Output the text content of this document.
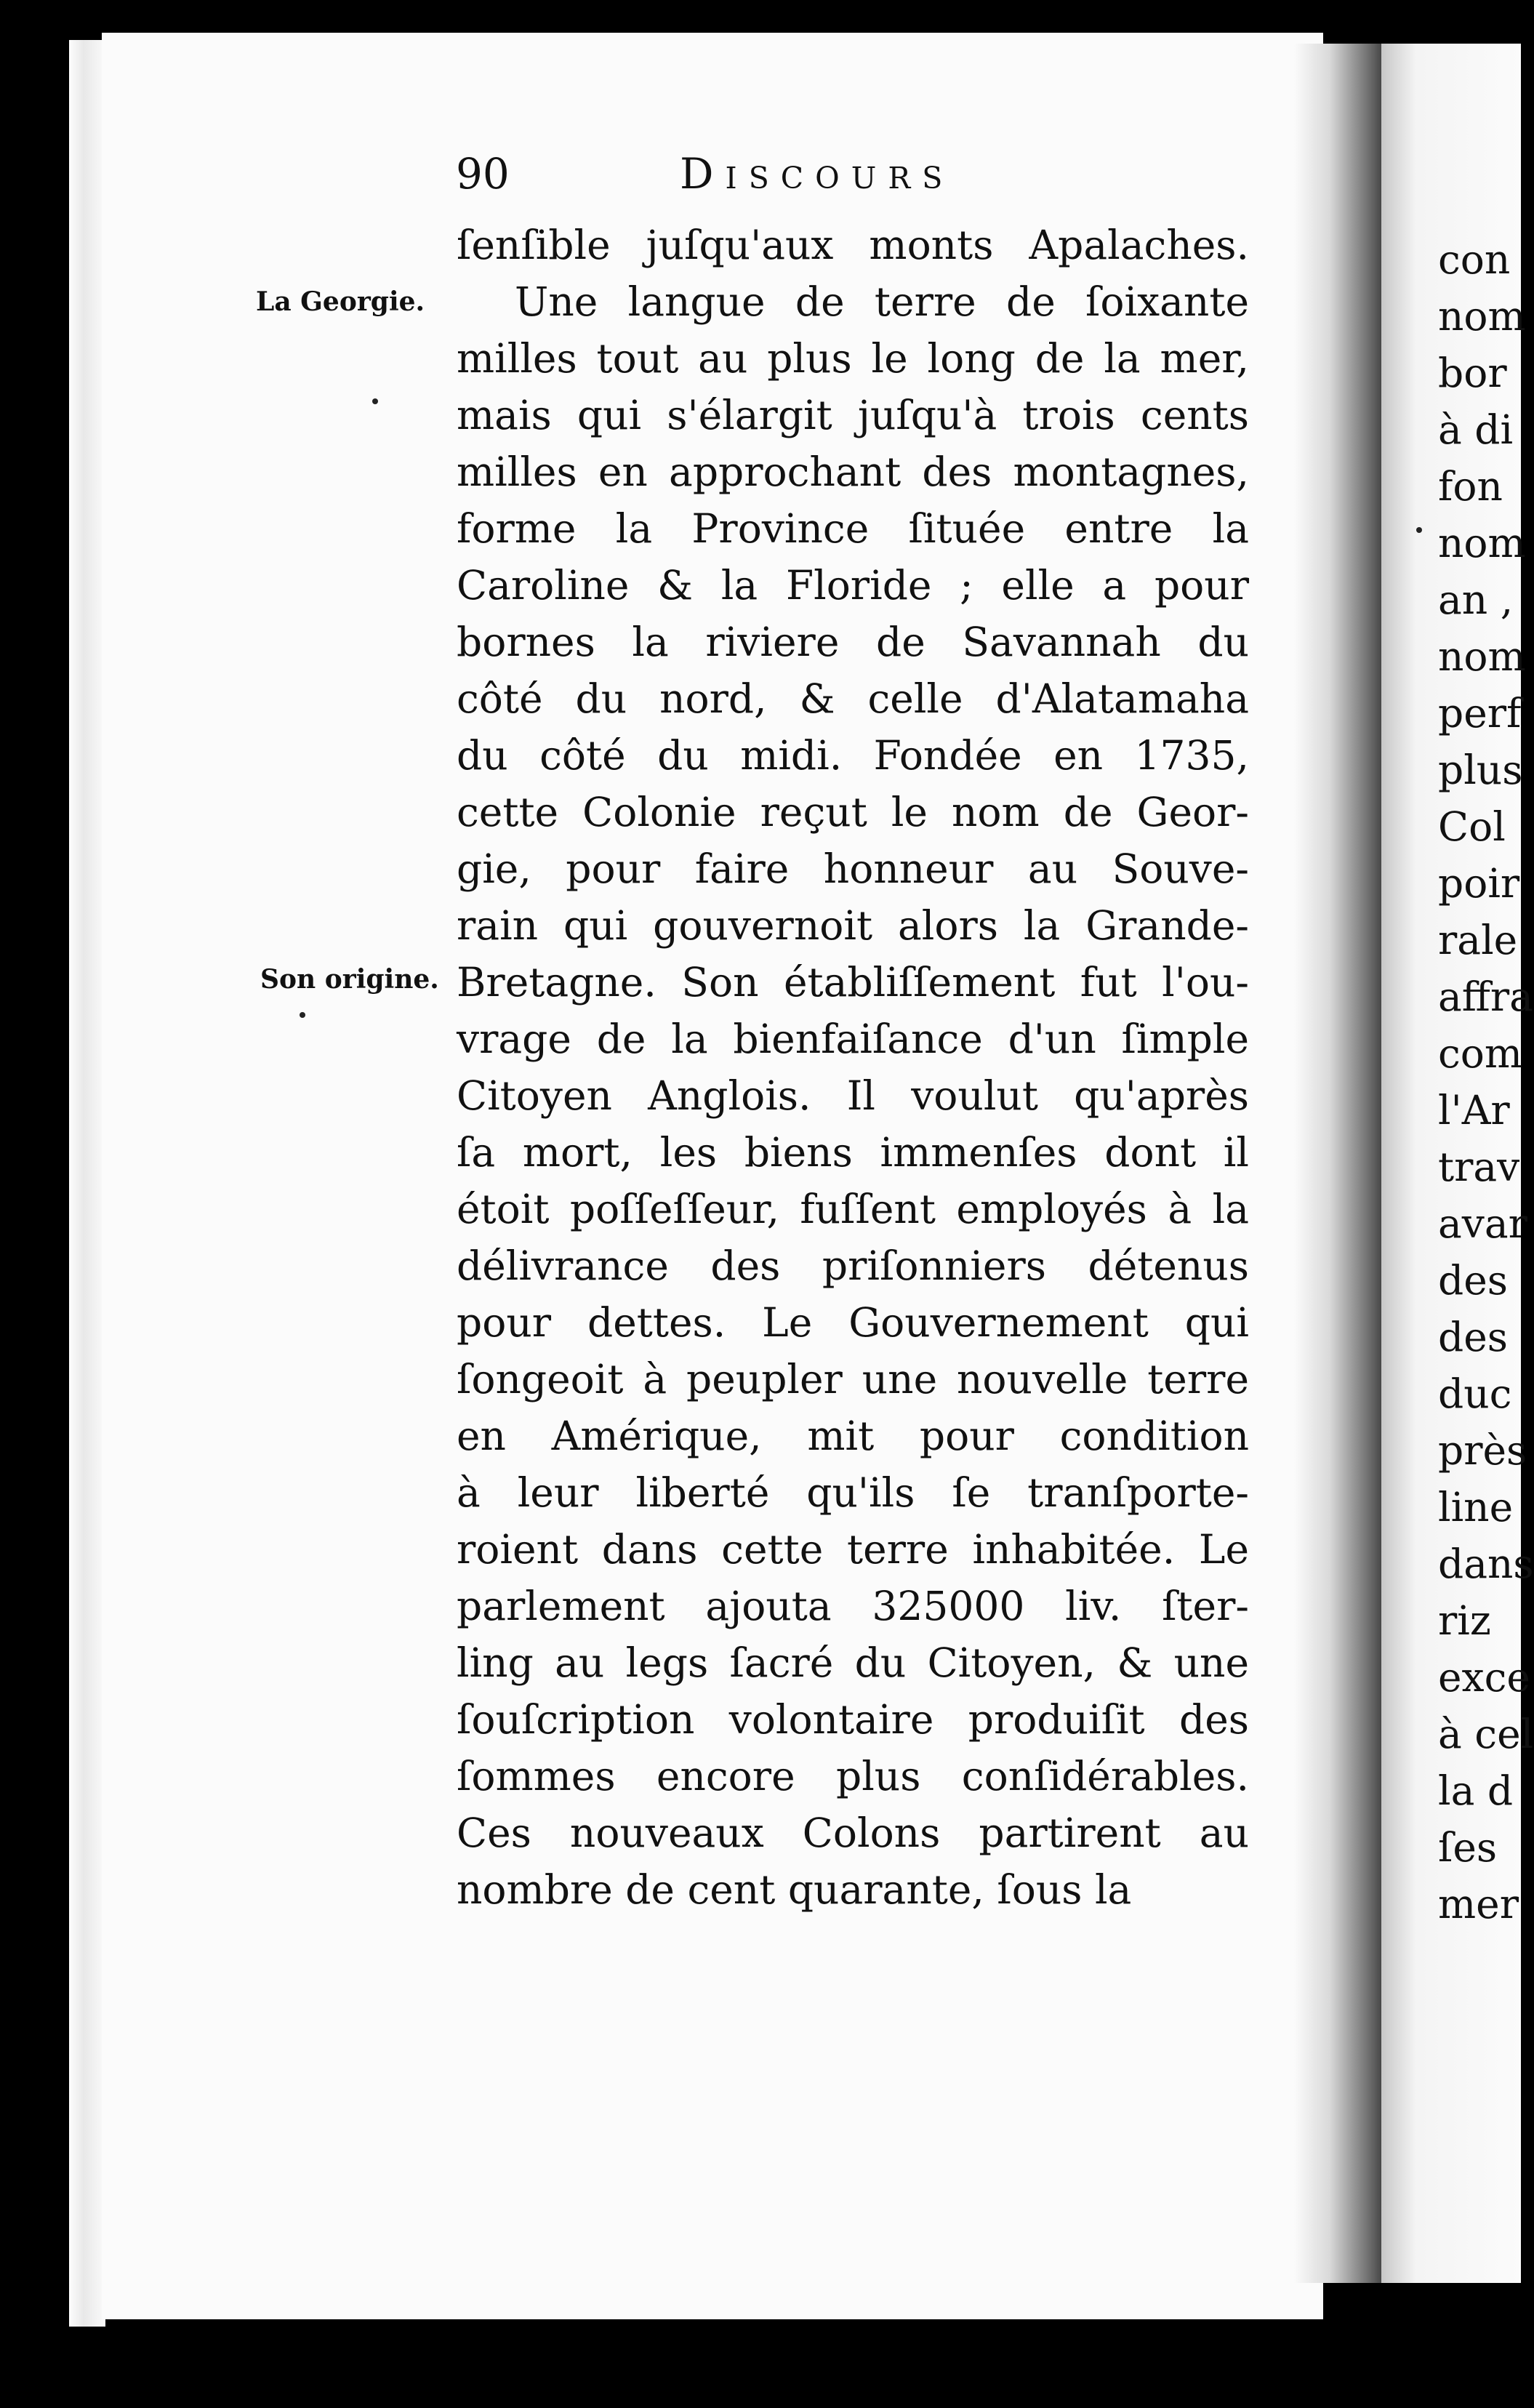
90	Discours
La Georgie.
Son origine.
ſenſible juſqu'aux monts Apalaches.
Une langue de terre de ſoixante
milles tout au plus le long de la mer,
mais qui s'élargit juſqu'à trois cents
milles en approchant des montagnes,
forme la Province ſituée entre la
Caroline & la Floride ; elle a pour
bornes la riviere de Savannah du
côté du nord, & celle d'Alatamaha
du côté du midi. Fondée en 1735,
cette Colonie reçut le nom de Geor-
gie, pour faire honneur au Souve-
rain qui gouvernoit alors la Grande-
Bretagne. Son établiſſement fut l'ou-
vrage de la bienfaiſance d'un ſimple
Citoyen Anglois. Il voulut qu'après
ſa mort, les biens immenſes dont il
étoit poſſeſſeur, fuſſent employés à la
délivrance des priſonniers détenus
pour dettes. Le Gouvernement qui
ſongeoit à peupler une nouvelle terre
en Amérique, mit pour condition
à leur liberté qu'ils ſe tranſporte-
roient dans cette terre inhabitée. Le
parlement ajouta 325000 liv. ſter-
ling au legs ſacré du Citoyen, & une
ſouſcription volontaire produiſit des
ſommes encore plus conſidérables.
Ces nouveaux Colons partirent au
nombre de cent quarante, ſous la
con
nom
bor
à di
fon
nom
an ,
nom
perf
plus
Col
poir
rale
affra
com
l'Ar
trav
avar
des
des
duc
près
line
dans
riz
exce
à cel
la d
ſes
mer
